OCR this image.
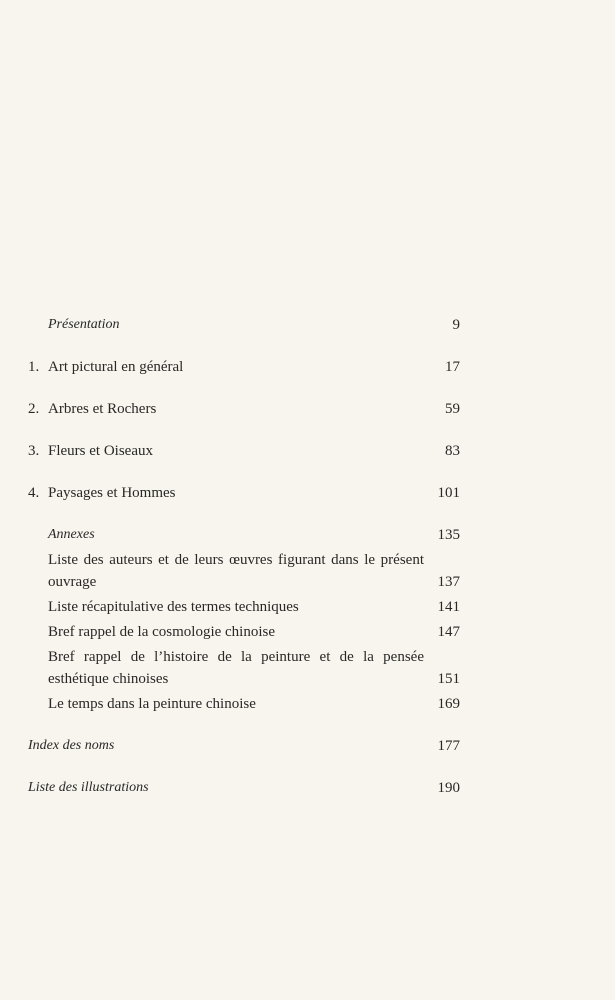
Présentation	9
1. Art pictural en général	17
2. Arbres et Rochers	59
3. Fleurs et Oiseaux	83
4. Paysages et Hommes	101
Annexes	135
Liste des auteurs et de leurs œuvres figurant dans le présent ouvrage	137
Liste récapitulative des termes techniques	141
Bref rappel de la cosmologie chinoise	147
Bref rappel de l’histoire de la peinture et de la pensée esthétique chinoises	151
Le temps dans la peinture chinoise	169
Index des noms	177
Liste des illustrations	190
